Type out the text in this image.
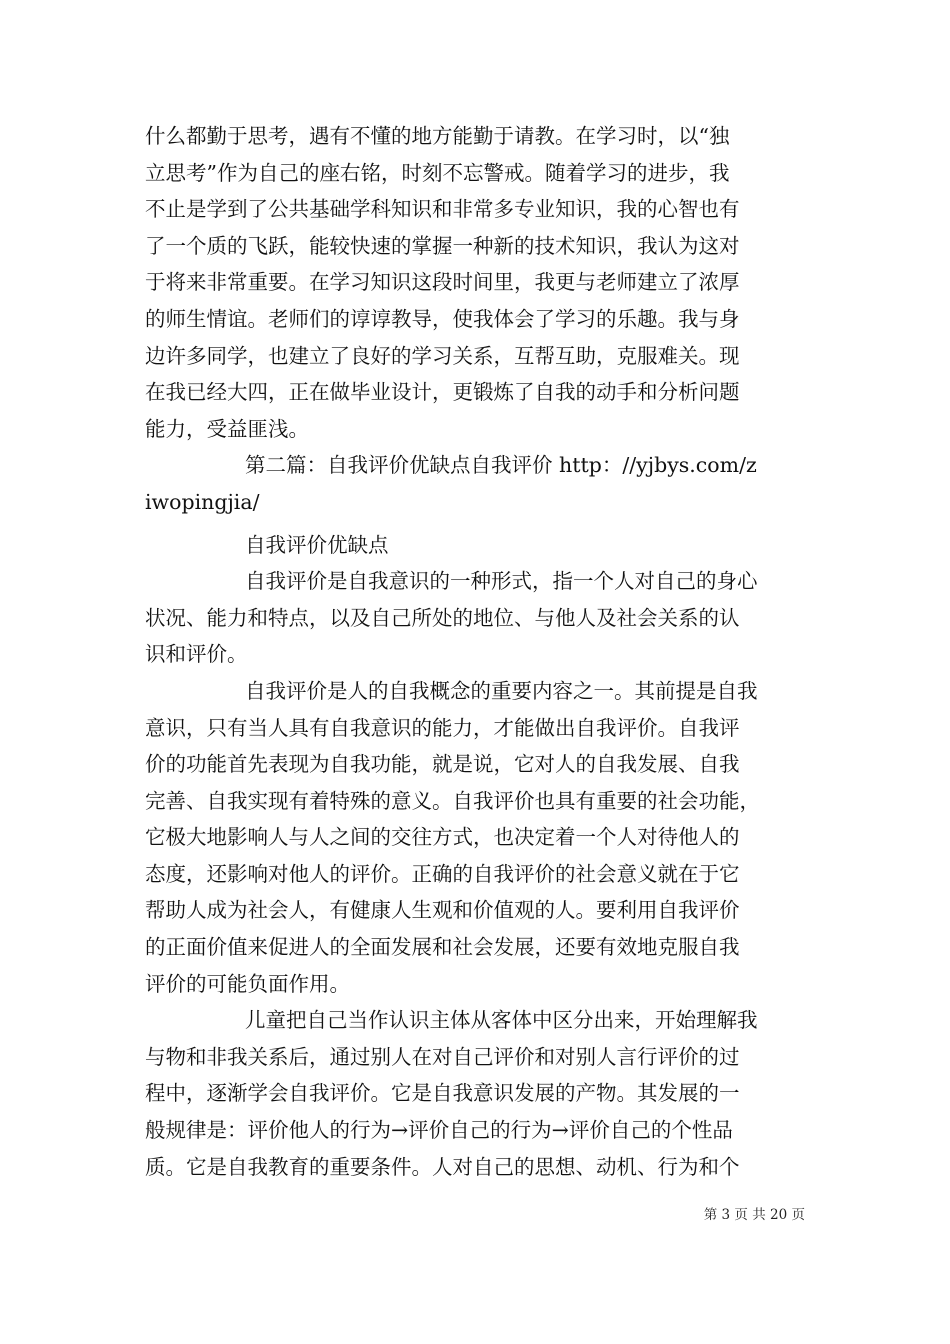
什么都勤于思考，遇有不懂的地方能勤于请教。在学习时，以“独
立思考”作为自己的座右铭，时刻不忘警戒。随着学习的进步，我
不止是学到了公共基础学科知识和非常多专业知识，我的心智也有
了一个质的飞跃，能较快速的掌握一种新的技术知识，我认为这对
于将来非常重要。在学习知识这段时间里，我更与老师建立了浓厚
的师生情谊。老师们的谆谆教导，使我体会了学习的乐趣。我与身
边许多同学，也建立了良好的学习关系，互帮互助，克服难关。现
在我已经大四，正在做毕业设计，更锻炼了自我的动手和分析问题
能力，受益匪浅。
第二篇：自我评价优缺点自我评价 http：//yjbys.com/z
iwopingjia/
自我评价优缺点
自我评价是自我意识的一种形式，指一个人对自己的身心
状况、能力和特点，以及自己所处的地位、与他人及社会关系的认
识和评价。
自我评价是人的自我概念的重要内容之一。其前提是自我
意识，只有当人具有自我意识的能力，才能做出自我评价。自我评
价的功能首先表现为自我功能，就是说，它对人的自我发展、自我
完善、自我实现有着特殊的意义。自我评价也具有重要的社会功能，
它极大地影响人与人之间的交往方式，也决定着一个人对待他人的
态度，还影响对他人的评价。正确的自我评价的社会意义就在于它
帮助人成为社会人，有健康人生观和价值观的人。要利用自我评价
的正面价值来促进人的全面发展和社会发展，还要有效地克服自我
评价的可能负面作用。
儿童把自己当作认识主体从客体中区分出来，开始理解我
与物和非我关系后，通过别人在对自己评价和对别人言行评价的过
程中，逐渐学会自我评价。它是自我意识发展的产物。其发展的一
般规律是：评价他人的行为→评价自己的行为→评价自己的个性品
质。它是自我教育的重要条件。人对自己的思想、动机、行为和个
第 3 页 共 20 页
